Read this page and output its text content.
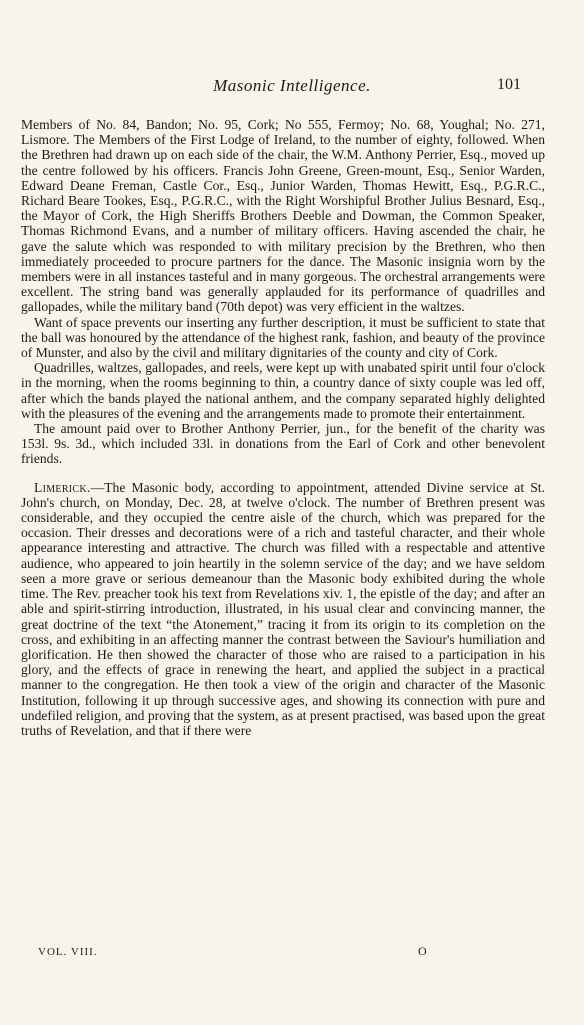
Masonic Intelligence.	101

Members of No. 84, Bandon; No. 95, Cork; No 555, Fermoy; No. 68, Youghal; No. 271, Lismore. The Members of the First Lodge of Ireland, to the number of eighty, followed. When the Brethren had drawn up on each side of the chair, the W.M. Anthony Perrier, Esq., moved up the centre followed by his officers. Francis John Greene, Green-mount, Esq., Senior Warden, Edward Deane Freman, Castle Cor., Esq., Junior Warden, Thomas Hewitt, Esq., P.G.R.C., Richard Beare Tookes, Esq., P.G.R.C., with the Right Worshipful Brother Julius Besnard, Esq., the Mayor of Cork, the High Sheriffs Brothers Deeble and Dowman, the Common Speaker, Thomas Richmond Evans, and a number of military officers. Having ascended the chair, he gave the salute which was responded to with military precision by the Brethren, who then immediately proceeded to procure partners for the dance. The Masonic insignia worn by the members were in all instances tasteful and in many gorgeous. The orchestral arrangements were excellent. The string band was generally applauded for its performance of quadrilles and gallopades, while the military band (70th depot) was very efficient in the waltzes.

Want of space prevents our inserting any further description, it must be sufficient to state that the ball was honoured by the attendance of the highest rank, fashion, and beauty of the province of Munster, and also by the civil and military dignitaries of the county and city of Cork.

Quadrilles, waltzes, gallopades, and reels, were kept up with unabated spirit until four o'clock in the morning, when the rooms beginning to thin, a country dance of sixty couple was led off, after which the bands played the national anthem, and the company separated highly delighted with the pleasures of the evening and the arrangements made to promote their entertainment.

The amount paid over to Brother Anthony Perrier, jun., for the benefit of the charity was 153l. 9s. 3d., which included 33l. in donations from the Earl of Cork and other benevolent friends.

Limerick.—The Masonic body, according to appointment, attended Divine service at St. John's church, on Monday, Dec. 28, at twelve o'clock. The number of Brethren present was considerable, and they occupied the centre aisle of the church, which was prepared for the occasion. Their dresses and decorations were of a rich and tasteful character, and their whole appearance interesting and attractive. The church was filled with a respectable and attentive audience, who appeared to join heartily in the solemn service of the day; and we have seldom seen a more grave or serious demeanour than the Masonic body exhibited during the whole time. The Rev. preacher took his text from Revelations xiv. 1, the epistle of the day; and after an able and spirit-stirring introduction, illustrated, in his usual clear and convincing manner, the great doctrine of the text “the Atonement,” tracing it from its origin to its completion on the cross, and exhibiting in an affecting manner the contrast between the Saviour's humiliation and glorification. He then showed the character of those who are raised to a participation in his glory, and the effects of grace in renewing the heart, and applied the subject in a practical manner to the congregation. He then took a view of the origin and character of the Masonic Institution, following it up through successive ages, and showing its connection with pure and undefiled religion, and proving that the system, as at present practised, was based upon the great truths of Revelation, and that if there were

VOL. VIII.	O
